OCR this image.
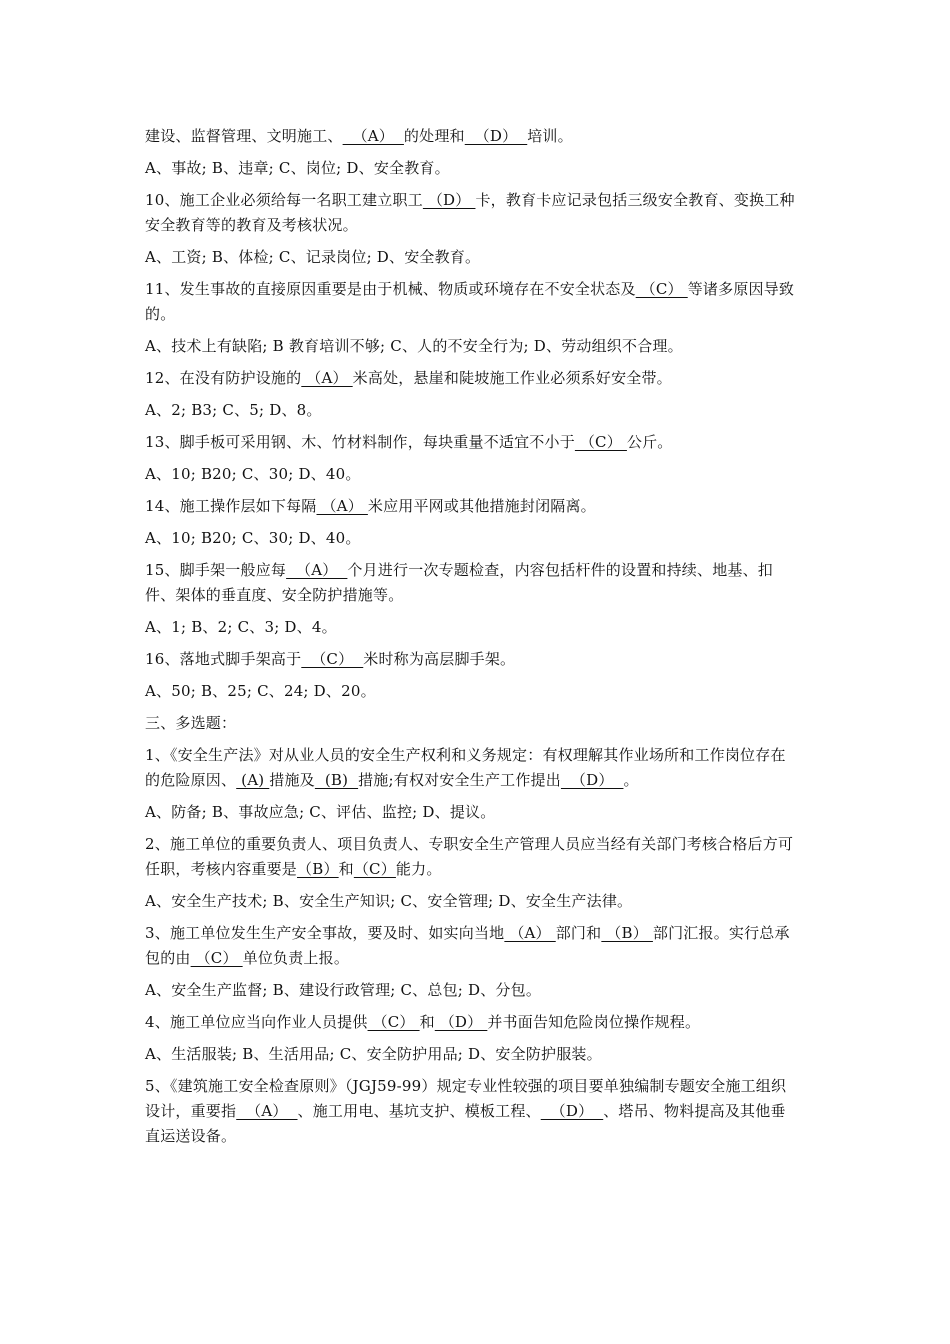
建设、监督管理、文明施工、  （A）  的处理和  （D）  培训。

A、事故; B、违章; C、岗位; D、安全教育。

10、施工企业必须给每一名职工建立职工 （D） 卡，教育卡应记录包括三级安全教育、变换工种安全教育等的教育及考核状况。

A、工资; B、体检; C、记录岗位; D、安全教育。

11、发生事故的直接原因重要是由于机械、物质或环境存在不安全状态及 （C） 等诸多原因导致的。

A、技术上有缺陷; B 教育培训不够; C、人的不安全行为; D、劳动组织不合理。

12、在没有防护设施的 （A） 米高处，悬崖和陡坡施工作业必须系好安全带。

A、2; B3; C、5; D、8。

13、脚手板可采用钢、木、竹材料制作，每块重量不适宜不小于 （C） 公斤。

A、10; B20; C、30; D、40。

14、施工操作层如下每隔 （A） 米应用平网或其他措施封闭隔离。

A、10; B20; C、30; D、40。

15、脚手架一般应每  （A）  个月进行一次专题检查，内容包括杆件的设置和持续、地基、扣件、架体的垂直度、安全防护措施等。

A、1; B、2; C、3; D、4。

16、落地式脚手架高于  （C）  米时称为高层脚手架。

A、50; B、25; C、24; D、20。

三、多选题：

1、《安全生产法》对从业人员的安全生产权利和义务规定：有权理解其作业场所和工作岗位存在的危险原因、 (A) 措施及  (B)  措施;有权对安全生产工作提出  （D）  。

A、防备; B、事故应急; C、评估、监控; D、提议。

2、施工单位的重要负责人、项目负责人、专职安全生产管理人员应当经有关部门考核合格后方可任职，考核内容重要是（B）和（C）能力。

A、安全生产技术; B、安全生产知识; C、安全管理; D、安全生产法律。

3、施工单位发生生产安全事故，要及时、如实向当地 （A） 部门和 （B） 部门汇报。实行总承包的由 （C） 单位负责上报。

A、安全生产监督; B、建设行政管理; C、总包; D、分包。

4、施工单位应当向作业人员提供 （C） 和 （D） 并书面告知危险岗位操作规程。

A、生活服装; B、生活用品; C、安全防护用品; D、安全防护服装。

5、《建筑施工安全检查原则》（JGJ59-99）规定专业性较强的项目要单独编制专题安全施工组织设计，重要指  （A）  、施工用电、基坑支护、模板工程、  （D）  、塔吊、物料提高及其他垂直运送设备。
